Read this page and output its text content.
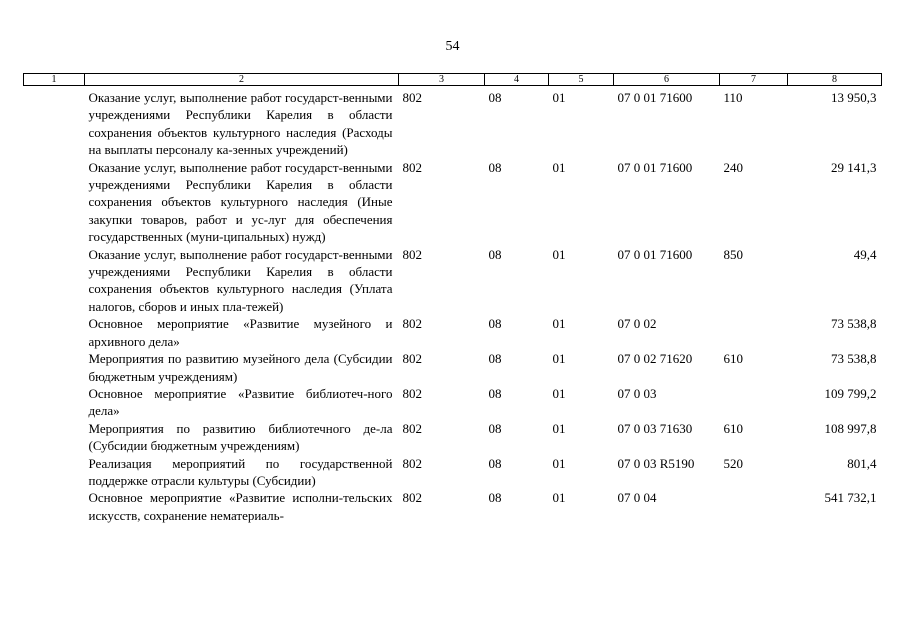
54
1	2	3	4	5	6	7	8
	Оказание услуг, выполнение работ государст-венными учреждениями Республики Карелия в области сохранения объектов культурного наследия (Расходы на выплаты персоналу ка-зенных учреждений)	802	08	01	07 0 01 71600	110	13 950,3
	Оказание услуг, выполнение работ государст-венными учреждениями Республики Карелия в области сохранения объектов культурного наследия (Иные закупки товаров, работ и ус-луг для обеспечения государственных (муни-ципальных) нужд)	802	08	01	07 0 01 71600	240	29 141,3
	Оказание услуг, выполнение работ государст-венными учреждениями Республики Карелия в области сохранения объектов культурного наследия (Уплата налогов, сборов и иных пла-тежей)	802	08	01	07 0 01 71600	850	49,4
	Основное мероприятие «Развитие музейного и архивного дела»	802	08	01	07 0 02		73 538,8
	Мероприятия по развитию музейного дела (Субсидии бюджетным учреждениям)	802	08	01	07 0 02 71620	610	73 538,8
	Основное мероприятие «Развитие библиотеч-ного дела»	802	08	01	07 0 03		109 799,2
	Мероприятия по развитию библиотечного де-ла (Субсидии бюджетным учреждениям)	802	08	01	07 0 03 71630	610	108 997,8
	Реализация мероприятий по государственной поддержке отрасли культуры (Субсидии)	802	08	01	07 0 03 R5190	520	801,4
	Основное мероприятие «Развитие исполни-тельских искусств, сохранение нематериаль-	802	08	01	07 0 04		541 732,1
